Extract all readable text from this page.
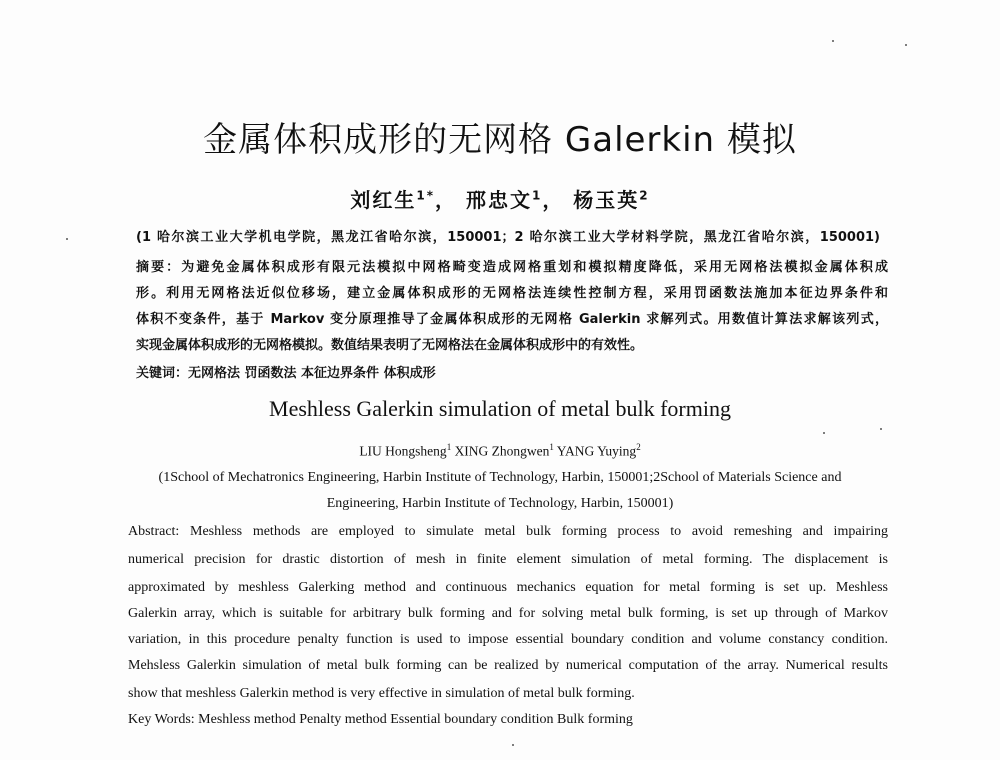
金属体积成形的无网格 Galerkin 模拟
刘红生$^{1*}$， 邢忠文$^1$， 杨玉英$^2$
(1 哈尔滨工业大学机电学院，黑龙江省哈尔滨，150001；2 哈尔滨工业大学材料学院，黑龙江省哈尔滨，150001)
摘要：为避免金属体积成形有限元法模拟中网格畸变造成网格重划和模拟精度降低，采用无网格法模拟金属体积成
形。利用无网格法近似位移场，建立金属体积成形的无网格法连续性控制方程，采用罚函数法施加本征边界条件和
体积不变条件，基于 Markov 变分原理推导了金属体积成形的无网格 Galerkin 求解列式。用数值计算法求解该列式，
实现金属体积成形的无网格模拟。数值结果表明了无网格法在金属体积成形中的有效性。
关键词：无网格法 罚函数法 本征边界条件 体积成形
Meshless Galerkin simulation of metal bulk forming
LIU Hongsheng$^1$ XING Zhongwen$^1$ YANG Yuying$^2$
(1School of Mechatronics Engineering, Harbin Institute of Technology, Harbin, 150001;2School of Materials Science and
Engineering, Harbin Institute of Technology, Harbin, 150001)
Abstract: Meshless methods are employed to simulate metal bulk forming process to avoid remeshing and impairing
numerical precision for drastic distortion of mesh in finite element simulation of metal forming. The displacement is
approximated by meshless Galerking method and continuous mechanics equation for metal forming is set up. Meshless
Galerkin array, which is suitable for arbitrary bulk forming and for solving metal bulk forming, is set up through of Markov
variation, in this procedure penalty function is used to impose essential boundary condition and volume constancy condition.
Mehsless Galerkin simulation of metal bulk forming can be realized by numerical computation of the array. Numerical results
show that meshless Galerkin method is very effective in simulation of metal bulk forming.
Key Words: Meshless method Penalty method Essential boundary condition Bulk forming
